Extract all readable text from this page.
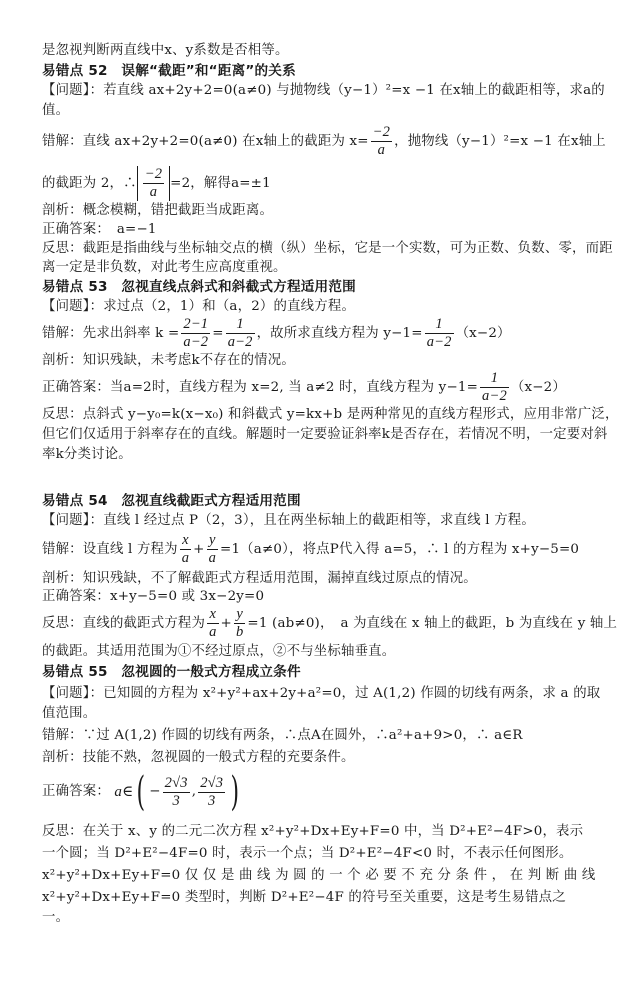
是忽视判断两直线中x、y系数是否相等。
易错点 52　误解“截距”和“距离”的关系
【问题】：若直线 ax+2y+2=0(a≠0) 与抛物线（y−1）²=x −1 在x轴上的截距相等，求a的
值。
错解：直线 ax+2y+2=0(a≠0) 在x轴上的截距为 $x= \frac{-2}{a}$ ，抛物线（y−1）²=x −1 在x轴上
的截距为 2，∴ $\frac{-2}{a} =2$，解得a=±1
剖析：概念模糊，错把截距当成距离。
正确答案：　a=−1
反思：截距是指曲线与坐标轴交点的横（纵）坐标，它是一个实数，可为正数、负数、零，而距
离一定是非负数，对此考生应高度重视。
易错点 53　忽视直线点斜式和斜截式方程适用范围
【问题】：求过点（2，1）和（a，2）的直线方程。
错解：先求出斜率 $k = \frac{2-1}{a-2} = \frac{1}{a-2}$ ，故所求直线方程为 $y-1= \frac{1}{a-2} (x-2)$
剖析：知识残缺，未考虑k不存在的情况。
正确答案：当a=2时，直线方程为 x=2, 当 a≠2 时，直线方程为 $y-1= \frac{1}{a-2} (x-2)$
反思：点斜式 y−y₀=k(x−x₀) 和斜截式 y=kx+b 是两种常见的直线方程形式，应用非常广泛，
但它们仅适用于斜率存在的直线。解题时一定要验证斜率k是否存在，若情况不明，一定要对斜
率k分类讨论。
易错点 54　忽视直线截距式方程适用范围
【问题】：直线 l 经过点 P（2，3），且在两坐标轴上的截距相等，求直线 l 方程。
错解：设直线 l 方程为 $\frac{x}{a} + \frac{y}{a} =1(a\ne 0)$，将点P代入得 a=5，∴ l 的方程为 x+y−5=0
剖析：知识残缺，不了解截距式方程适用范围，漏掉直线过原点的情况。
正确答案：x+y−5=0 或 3x−2y=0
反思：直线的截距式方程为 $\frac{x}{a} + \frac{y}{b} =1$ (ab≠0)，　a 为直线在 x 轴上的截距，b 为直线在 y 轴上
的截距。其适用范围为①不经过原点，②不与坐标轴垂直。
易错点 55　忽视圆的一般式方程成立条件
【问题】：已知圆的方程为 x²+y²+ax+2y+a²=0，过 A(1,2) 作圆的切线有两条，求 a 的取
值范围。
错解：∵过 A(1,2) 作圆的切线有两条，∴点A在圆外，∴a²+a+9>0，∴ a∈R
剖析：技能不熟，忽视圆的一般式方程的充要条件。
正确答案： a∈( − $\frac{2√3}{3}$ , $\frac{2√3}{3}$ )
反思：在关于 x、y 的二元二次方程 x²+y²+Dx+Ey+F=0 中，当 D²+E²−4F>0，表示
一个圆；当 D²+E²−4F=0 时，表示一个点；当 D²+E²−4F<0 时，不表示任何图形。
x²+y²+Dx+Ey+F=0 仅 仅 是 曲 线 为 圆 的 一 个 必 要 不 充 分 条 件 ， 在 判 断 曲 线
x²+y²+Dx+Ey+F=0 类型时，判断 D²+E²−4F 的符号至关重要，这是考生易错点之
一。
